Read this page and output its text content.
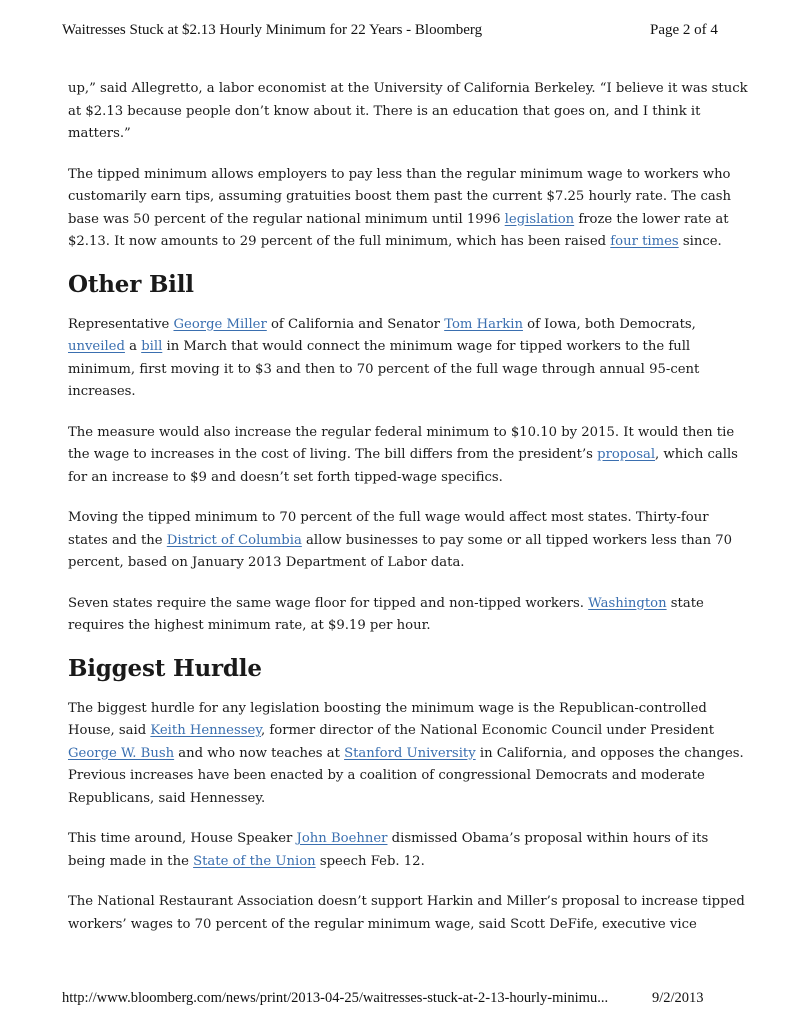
Waitresses Stuck at $2.13 Hourly Minimum for 22 Years - Bloomberg	Page 2 of 4

up,” said Allegretto, a labor economist at the University of California Berkeley. “I believe it was stuck
at $2.13 because people don’t know about it. There is an education that goes on, and I think it
matters.”

The tipped minimum allows employers to pay less than the regular minimum wage to workers who
customarily earn tips, assuming gratuities boost them past the current $7.25 hourly rate. The cash
base was 50 percent of the regular national minimum until 1996 legislation froze the lower rate at
$2.13. It now amounts to 29 percent of the full minimum, which has been raised four times since.

Other Bill

Representative George Miller of California and Senator Tom Harkin of Iowa, both Democrats,
unveiled a bill in March that would connect the minimum wage for tipped workers to the full
minimum, first moving it to $3 and then to 70 percent of the full wage through annual 95-cent
increases.

The measure would also increase the regular federal minimum to $10.10 by 2015. It would then tie
the wage to increases in the cost of living. The bill differs from the president’s proposal, which calls
for an increase to $9 and doesn’t set forth tipped-wage specifics.

Moving the tipped minimum to 70 percent of the full wage would affect most states. Thirty-four
states and the District of Columbia allow businesses to pay some or all tipped workers less than 70
percent, based on January 2013 Department of Labor data.

Seven states require the same wage floor for tipped and non-tipped workers. Washington state
requires the highest minimum rate, at $9.19 per hour.

Biggest Hurdle

The biggest hurdle for any legislation boosting the minimum wage is the Republican-controlled
House, said Keith Hennessey, former director of the National Economic Council under President
George W. Bush and who now teaches at Stanford University in California, and opposes the changes.
Previous increases have been enacted by a coalition of congressional Democrats and moderate
Republicans, said Hennessey.

This time around, House Speaker John Boehner dismissed Obama’s proposal within hours of its
being made in the State of the Union speech Feb. 12.

The National Restaurant Association doesn’t support Harkin and Miller’s proposal to increase tipped
workers’ wages to 70 percent of the regular minimum wage, said Scott DeFife, executive vice

http://www.bloomberg.com/news/print/2013-04-25/waitresses-stuck-at-2-13-hourly-minimu...	9/2/2013
